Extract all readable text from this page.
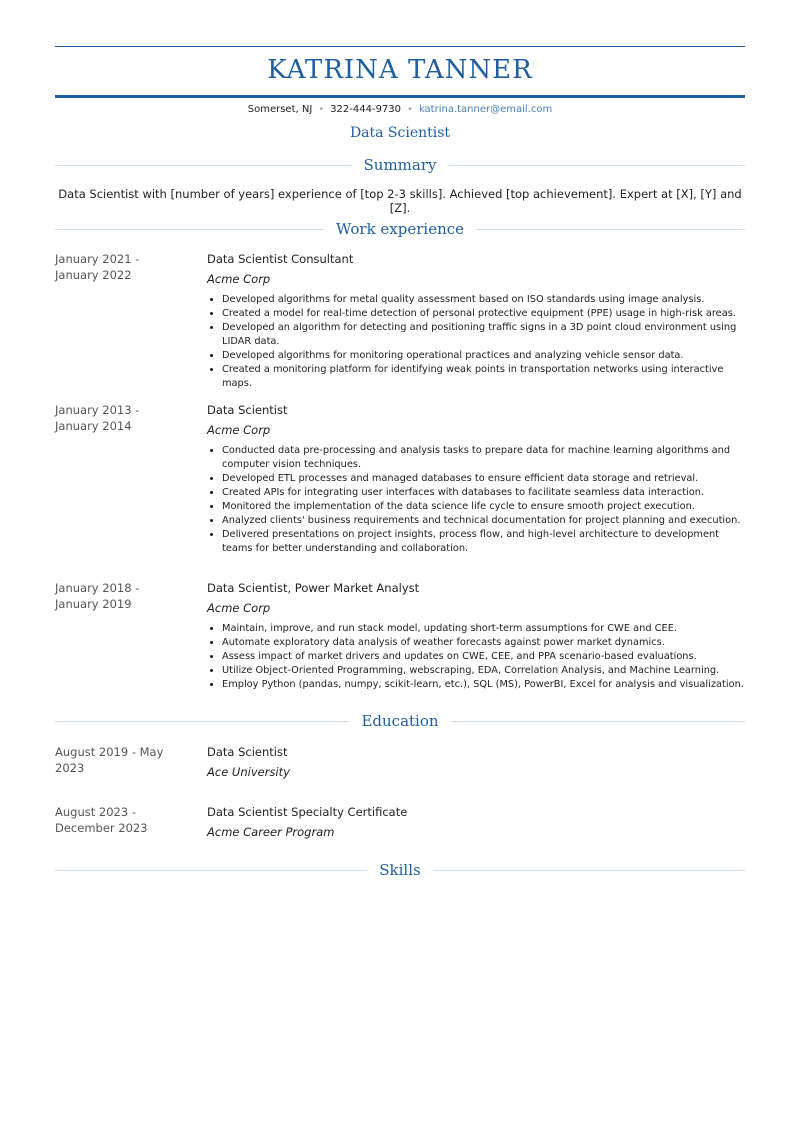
KATRINA TANNER
Somerset, NJ • 322-444-9730 • katrina.tanner@email.com
Data Scientist
Summary
Data Scientist with [number of years] experience of [top 2-3 skills]. Achieved [top achievement]. Expert at [X], [Y] and [Z].
Work experience
January 2021 -
January 2022
Data Scientist Consultant
Acme Corp
• Developed algorithms for metal quality assessment based on ISO standards using image analysis.
• Created a model for real-time detection of personal protective equipment (PPE) usage in high-risk areas.
• Developed an algorithm for detecting and positioning traffic signs in a 3D point cloud environment using LIDAR data.
• Developed algorithms for monitoring operational practices and analyzing vehicle sensor data.
• Created a monitoring platform for identifying weak points in transportation networks using interactive maps.
January 2013 -
January 2014
Data Scientist
Acme Corp
• Conducted data pre-processing and analysis tasks to prepare data for machine learning algorithms and computer vision techniques.
• Developed ETL processes and managed databases to ensure efficient data storage and retrieval.
• Created APIs for integrating user interfaces with databases to facilitate seamless data interaction.
• Monitored the implementation of the data science life cycle to ensure smooth project execution.
• Analyzed clients' business requirements and technical documentation for project planning and execution.
• Delivered presentations on project insights, process flow, and high-level architecture to development teams for better understanding and collaboration.
January 2018 -
January 2019
Data Scientist, Power Market Analyst
Acme Corp
• Maintain, improve, and run stack model, updating short-term assumptions for CWE and CEE.
• Automate exploratory data analysis of weather forecasts against power market dynamics.
• Assess impact of market drivers and updates on CWE, CEE, and PPA scenario-based evaluations.
• Utilize Object-Oriented Programming, webscraping, EDA, Correlation Analysis, and Machine Learning.
• Employ Python (pandas, numpy, scikit-learn, etc.), SQL (MS), PowerBI, Excel for analysis and visualization.
Education
August 2019 - May 2023
Data Scientist
Ace University
August 2023 -
December 2023
Data Scientist Specialty Certificate
Acme Career Program
Skills
